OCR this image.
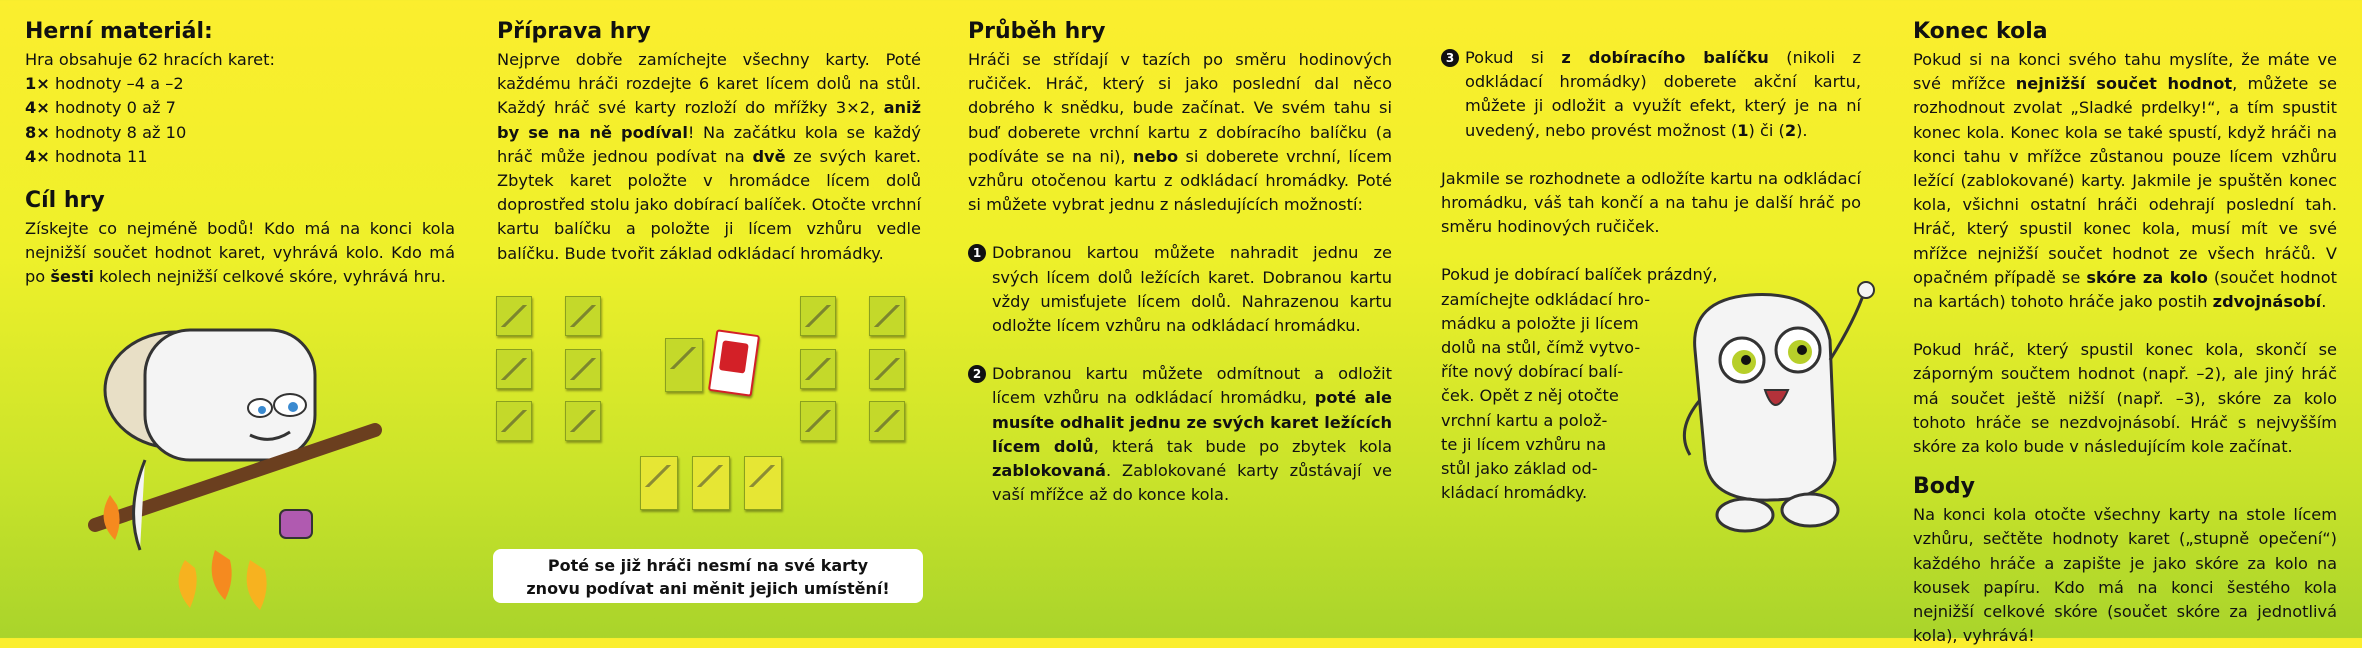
Herní materiál:

Hra obsahuje 62 hracích karet:

1× hodnoty –4 a –2

4× hodnoty 0 až 7

8× hodnoty 8 až 10

4× hodnota 11

Cíl hry

Získejte co nejméně bodů! Kdo má na konci kola nejnižší součet hodnot karet, vyhrává kolo. Kdo má po šesti kolech nejnižší celkové skóre, vyhrává hru.

Příprava hry

Nejprve dobře zamíchejte všechny karty. Poté každému hráči rozdejte 6 karet lícem dolů na stůl. Každý hráč své karty rozloží do mřížky 3×2, aniž by se na ně podíval! Na začátku kola se každý hráč může jednou podívat na dvě ze svých karet. Zbytek karet položte v hromádce lícem dolů doprostřed stolu jako dobírací balíček. Otočte vrchní kartu balíčku a položte ji lícem vzhůru vedle balíčku. Bude tvořit základ odkládací hromádky.

Poté se již hráči nesmí na své karty
znovu podívat ani měnit jejich umístění!
Průběh hry

Hráči se střídají v tazích po směru hodinových ručiček. Hráč, který si jako poslední dal něco dobrého k snědku, bude začínat. Ve svém tahu si buď doberete vrchní kartu z dobíracího balíčku (a podíváte se na ni), nebo si doberete vrchní, lícem vzhůru otočenou kartu z odkládací hromádky. Poté si můžete vybrat jednu z následujících možností:

1 Dobranou kartou můžete nahradit jednu ze svých lícem dolů ležících karet. Dobranou kartu vždy umisťujete lícem dolů. Nahrazenou kartu odložte lícem vzhůru na odkládací hromádku.

2 Dobranou kartu můžete odmítnout a odložit lícem vzhůru na odkládací hromádku, poté ale musíte odhalit jednu ze svých karet ležících lícem dolů, která tak bude po zbytek kola zablokovaná. Zablokované karty zůstávají ve vaší mřížce až do konce kola.

3 Pokud si z dobíracího balíčku (nikoli z odkládací hromádky) doberete akční kartu, můžete ji odložit a využít efekt, který je na ní uvedený, nebo provést možnost (1) či (2).

Jakmile se rozhodnete a odložíte kartu na odkládací hromádku, váš tah končí a na tahu je další hráč po směru hodinových ručiček.

Pokud je dobírací balíček prázdný,
zamíchejte odkládací hro-
mádku a položte ji lícem
dolů na stůl, čímž vytvo-
říte nový dobírací balí-
ček. Opět z něj otočte
vrchní kartu a polož-
te ji lícem vzhůru na
stůl jako základ od-
kládací hromádky.
Konec kola

Pokud si na konci svého tahu myslíte, že máte ve své mřížce nejnižší součet hodnot, můžete se rozhodnout zvolat „Sladké prdelky!“, a tím spustit konec kola. Konec kola se také spustí, když hráči na konci tahu v mřížce zůstanou pouze lícem vzhůru ležící (zablokované) karty. Jakmile je spuštěn konec kola, všichni ostatní hráči odehrají poslední tah. Hráč, který spustil konec kola, musí mít ve své mřížce nejnižší součet hodnot ze všech hráčů. V opačném případě se skóre za kolo (součet hodnot na kartách) tohoto hráče jako postih zdvojnásobí.

Pokud hráč, který spustil konec kola, skončí se záporným součtem hodnot (např. –2), ale jiný hráč má součet ještě nižší (např. –3), skóre za kolo tohoto hráče se nezdvojnásobí. Hráč s nejvyšším skóre za kolo bude v následujícím kole začínat.

Body

Na konci kola otočte všechny karty na stole lícem vzhůru, sečtěte hodnoty karet („stupně opečení“) každého hráče a zapište je jako skóre za kolo na kousek papíru. Kdo má na konci šestého kola nejnižší celkové skóre (součet skóre za jednotlivá kola), vyhrává!
